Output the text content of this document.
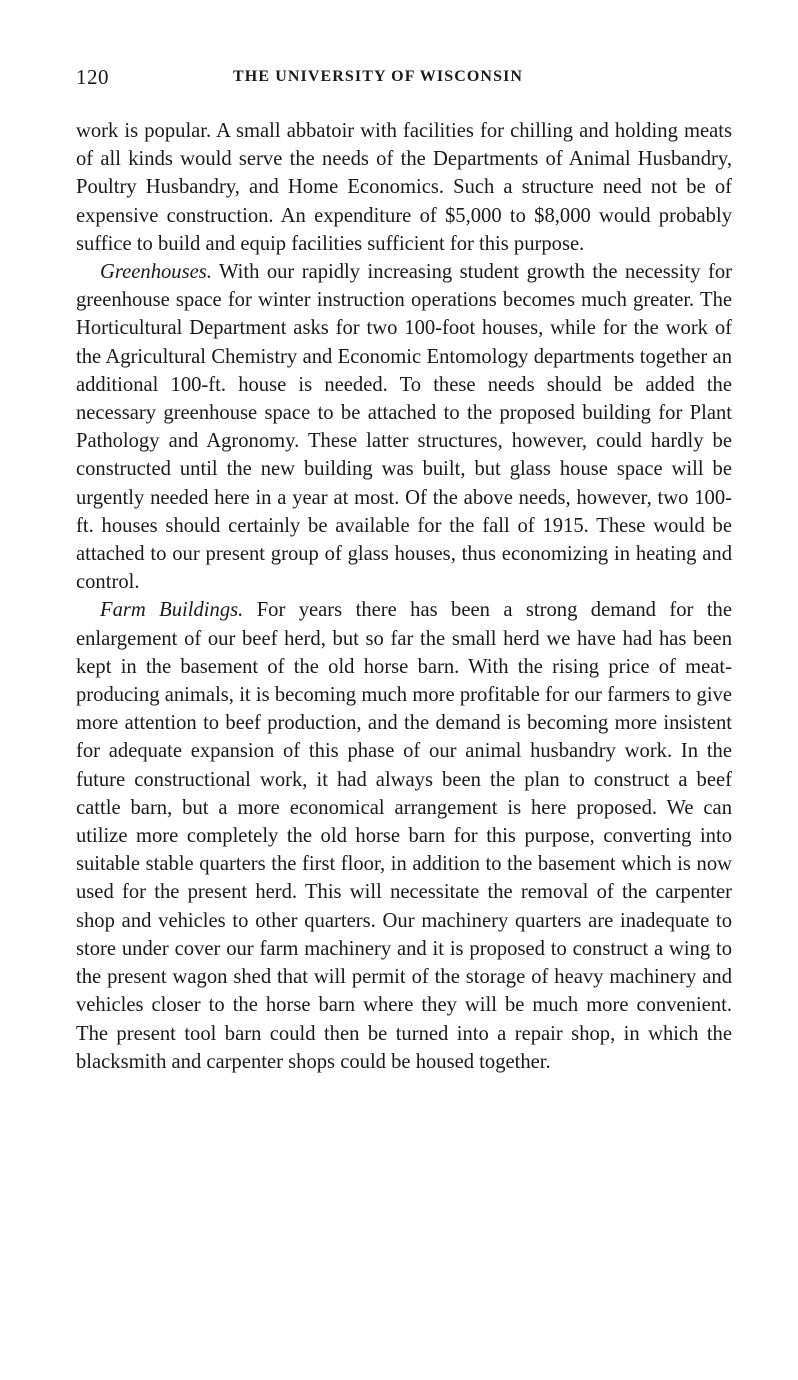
120	THE UNIVERSITY OF WISCONSIN

work is popular. A small abbatoir with facilities for chilling and holding meats of all kinds would serve the needs of the Departments of Animal Husbandry, Poultry Husbandry, and Home Economics. Such a structure need not be of expensive construction. An expenditure of $5,000 to $8,000 would probably suffice to build and equip facilities sufficient for this purpose.

Greenhouses. With our rapidly increasing student growth the necessity for greenhouse space for winter instruction operations becomes much greater. The Horticultural Department asks for two 100-foot houses, while for the work of the Agricultural Chemistry and Economic Entomology departments together an additional 100-ft. house is needed. To these needs should be added the necessary greenhouse space to be attached to the proposed building for Plant Pathology and Agronomy. These latter structures, however, could hardly be constructed until the new building was built, but glass house space will be urgently needed here in a year at most. Of the above needs, however, two 100-ft. houses should certainly be available for the fall of 1915. These would be attached to our present group of glass houses, thus economizing in heating and control.

Farm Buildings. For years there has been a strong demand for the enlargement of our beef herd, but so far the small herd we have had has been kept in the basement of the old horse barn. With the rising price of meat-producing animals, it is becoming much more profitable for our farmers to give more attention to beef production, and the demand is becoming more insistent for adequate expansion of this phase of our animal husbandry work. In the future constructional work, it had always been the plan to construct a beef cattle barn, but a more economical arrangement is here proposed. We can utilize more completely the old horse barn for this purpose, converting into suitable stable quarters the first floor, in addition to the basement which is now used for the present herd. This will necessitate the removal of the carpenter shop and vehicles to other quarters. Our machinery quarters are inadequate to store under cover our farm machinery and it is proposed to construct a wing to the present wagon shed that will permit of the storage of heavy machinery and vehicles closer to the horse barn where they will be much more convenient. The present tool barn could then be turned into a repair shop, in which the blacksmith and carpenter shops could be housed together.
